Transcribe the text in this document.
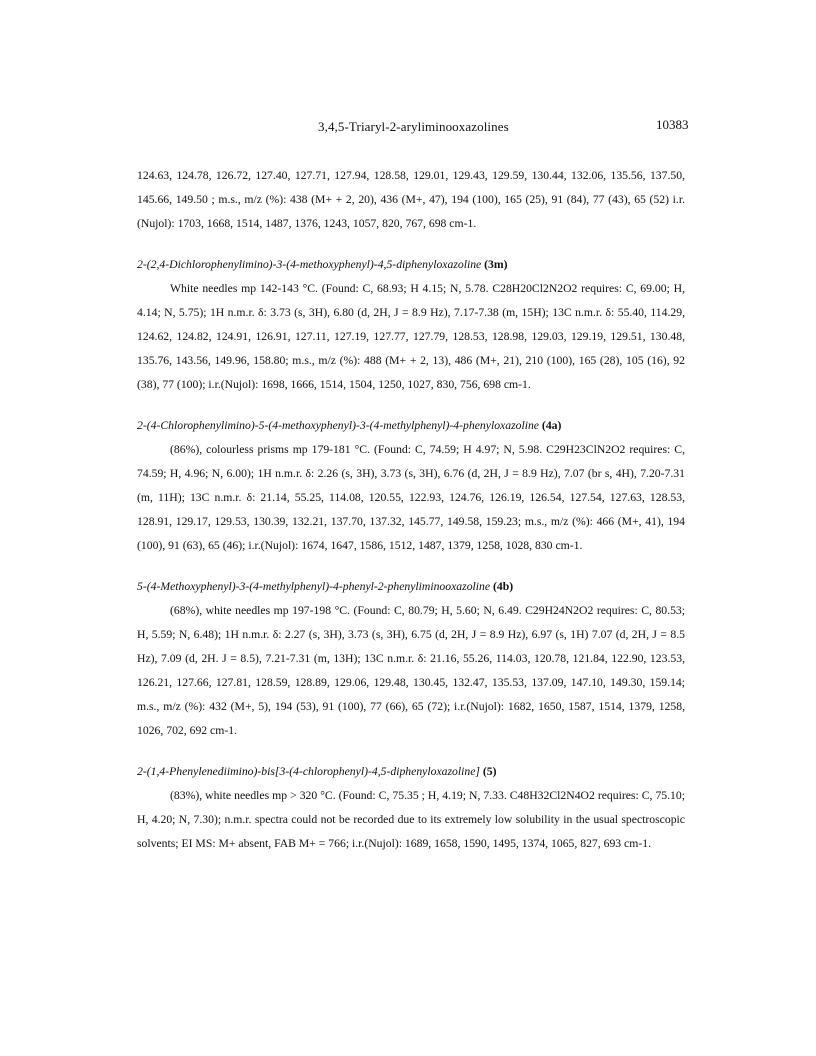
3,4,5-Triaryl-2-aryliminooxazolines	10383

124.63, 124.78, 126.72, 127.40, 127.71, 127.94, 128.58, 129.01, 129.43, 129.59, 130.44, 132.06, 135.56, 137.50, 145.66, 149.50 ; m.s., m/z (%): 438 (M+ + 2, 20), 436 (M+, 47), 194 (100), 165 (25), 91 (84), 77 (43), 65 (52) i.r.(Nujol): 1703, 1668, 1514, 1487, 1376, 1243, 1057, 820, 767, 698 cm-1.

2-(2,4-Dichlorophenylimino)-3-(4-methoxyphenyl)-4,5-diphenyloxazoline (3m)

White needles mp 142-143 °C. (Found: C, 68.93; H 4.15; N, 5.78. C28H20Cl2N2O2 requires: C, 69.00; H, 4.14; N, 5.75); 1H n.m.r. δ: 3.73 (s, 3H), 6.80 (d, 2H, J = 8.9 Hz), 7.17-7.38 (m, 15H); 13C n.m.r. δ: 55.40, 114.29, 124.62, 124.82, 124.91, 126.91, 127.11, 127.19, 127.77, 127.79, 128.53, 128.98, 129.03, 129.19, 129.51, 130.48, 135.76, 143.56, 149.96, 158.80; m.s., m/z (%): 488 (M+ + 2, 13), 486 (M+, 21), 210 (100), 165 (28), 105 (16), 92 (38), 77 (100); i.r.(Nujol): 1698, 1666, 1514, 1504, 1250, 1027, 830, 756, 698 cm-1.

2-(4-Chlorophenylimino)-5-(4-methoxyphenyl)-3-(4-methylphenyl)-4-phenyloxazoline (4a)

(86%), colourless prisms mp 179-181 °C. (Found: C, 74.59; H 4.97; N, 5.98. C29H23ClN2O2 requires: C, 74.59; H, 4.96; N, 6.00); 1H n.m.r. δ: 2.26 (s, 3H), 3.73 (s, 3H), 6.76 (d, 2H, J = 8.9 Hz), 7.07 (br s, 4H), 7.20-7.31 (m, 11H); 13C n.m.r. δ: 21.14, 55.25, 114.08, 120.55, 122.93, 124.76, 126.19, 126.54, 127.54, 127.63, 128.53, 128.91, 129.17, 129.53, 130.39, 132.21, 137.70, 137.32, 145.77, 149.58, 159.23; m.s., m/z (%): 466 (M+, 41), 194 (100), 91 (63), 65 (46); i.r.(Nujol): 1674, 1647, 1586, 1512, 1487, 1379, 1258, 1028, 830 cm-1.

5-(4-Methoxyphenyl)-3-(4-methylphenyl)-4-phenyl-2-phenyliminooxazoline (4b)

(68%), white needles mp 197-198 °C. (Found: C, 80.79; H, 5.60; N, 6.49. C29H24N2O2 requires: C, 80.53; H, 5.59; N, 6.48); 1H n.m.r. δ: 2.27 (s, 3H), 3.73 (s, 3H), 6.75 (d, 2H, J = 8.9 Hz), 6.97 (s, 1H) 7.07 (d, 2H, J = 8.5 Hz), 7.09 (d, 2H. J = 8.5), 7.21-7.31 (m, 13H); 13C n.m.r. δ: 21.16, 55.26, 114.03, 120.78, 121.84, 122.90, 123.53, 126.21, 127.66, 127.81, 128.59, 128.89, 129.06, 129.48, 130.45, 132.47, 135.53, 137.09, 147.10, 149.30, 159.14; m.s., m/z (%): 432 (M+, 5), 194 (53), 91 (100), 77 (66), 65 (72); i.r.(Nujol): 1682, 1650, 1587, 1514, 1379, 1258, 1026, 702, 692 cm-1.

2-(1,4-Phenylenediimino)-bis[3-(4-chlorophenyl)-4,5-diphenyloxazoline] (5)

(83%), white needles mp > 320 °C. (Found: C, 75.35 ; H, 4.19; N, 7.33. C48H32Cl2N4O2 requires: C, 75.10; H, 4.20; N, 7.30); n.m.r. spectra could not be recorded due to its extremely low solubility in the usual spectroscopic solvents; EI MS: M+ absent, FAB M+ = 766; i.r.(Nujol): 1689, 1658, 1590, 1495, 1374, 1065, 827, 693 cm-1.
